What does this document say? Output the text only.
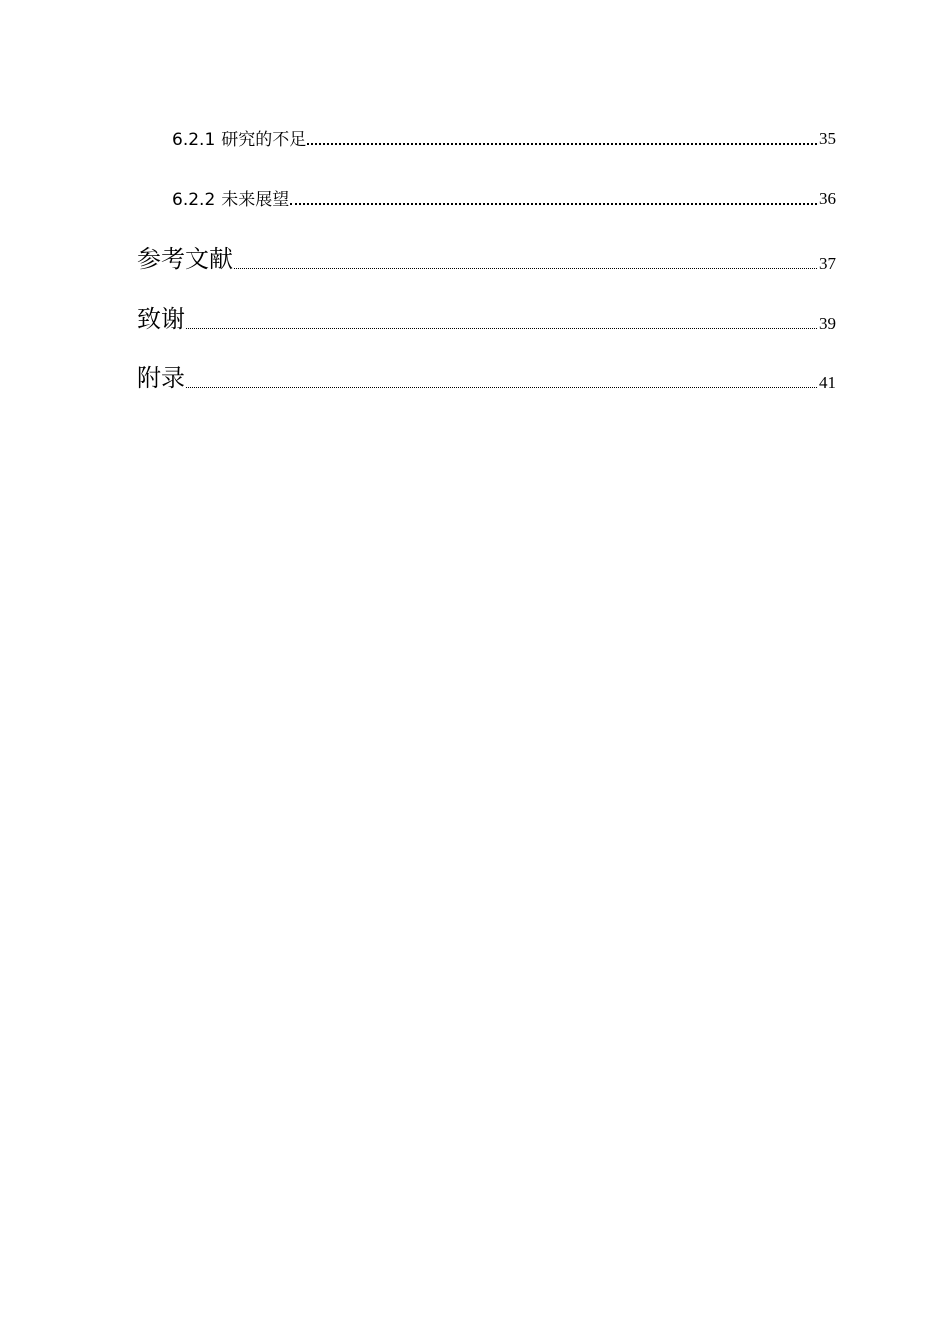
6.2.1 研究的不足	35
6.2.2 未来展望	36
参考文献	37
致谢	39
附录	41
